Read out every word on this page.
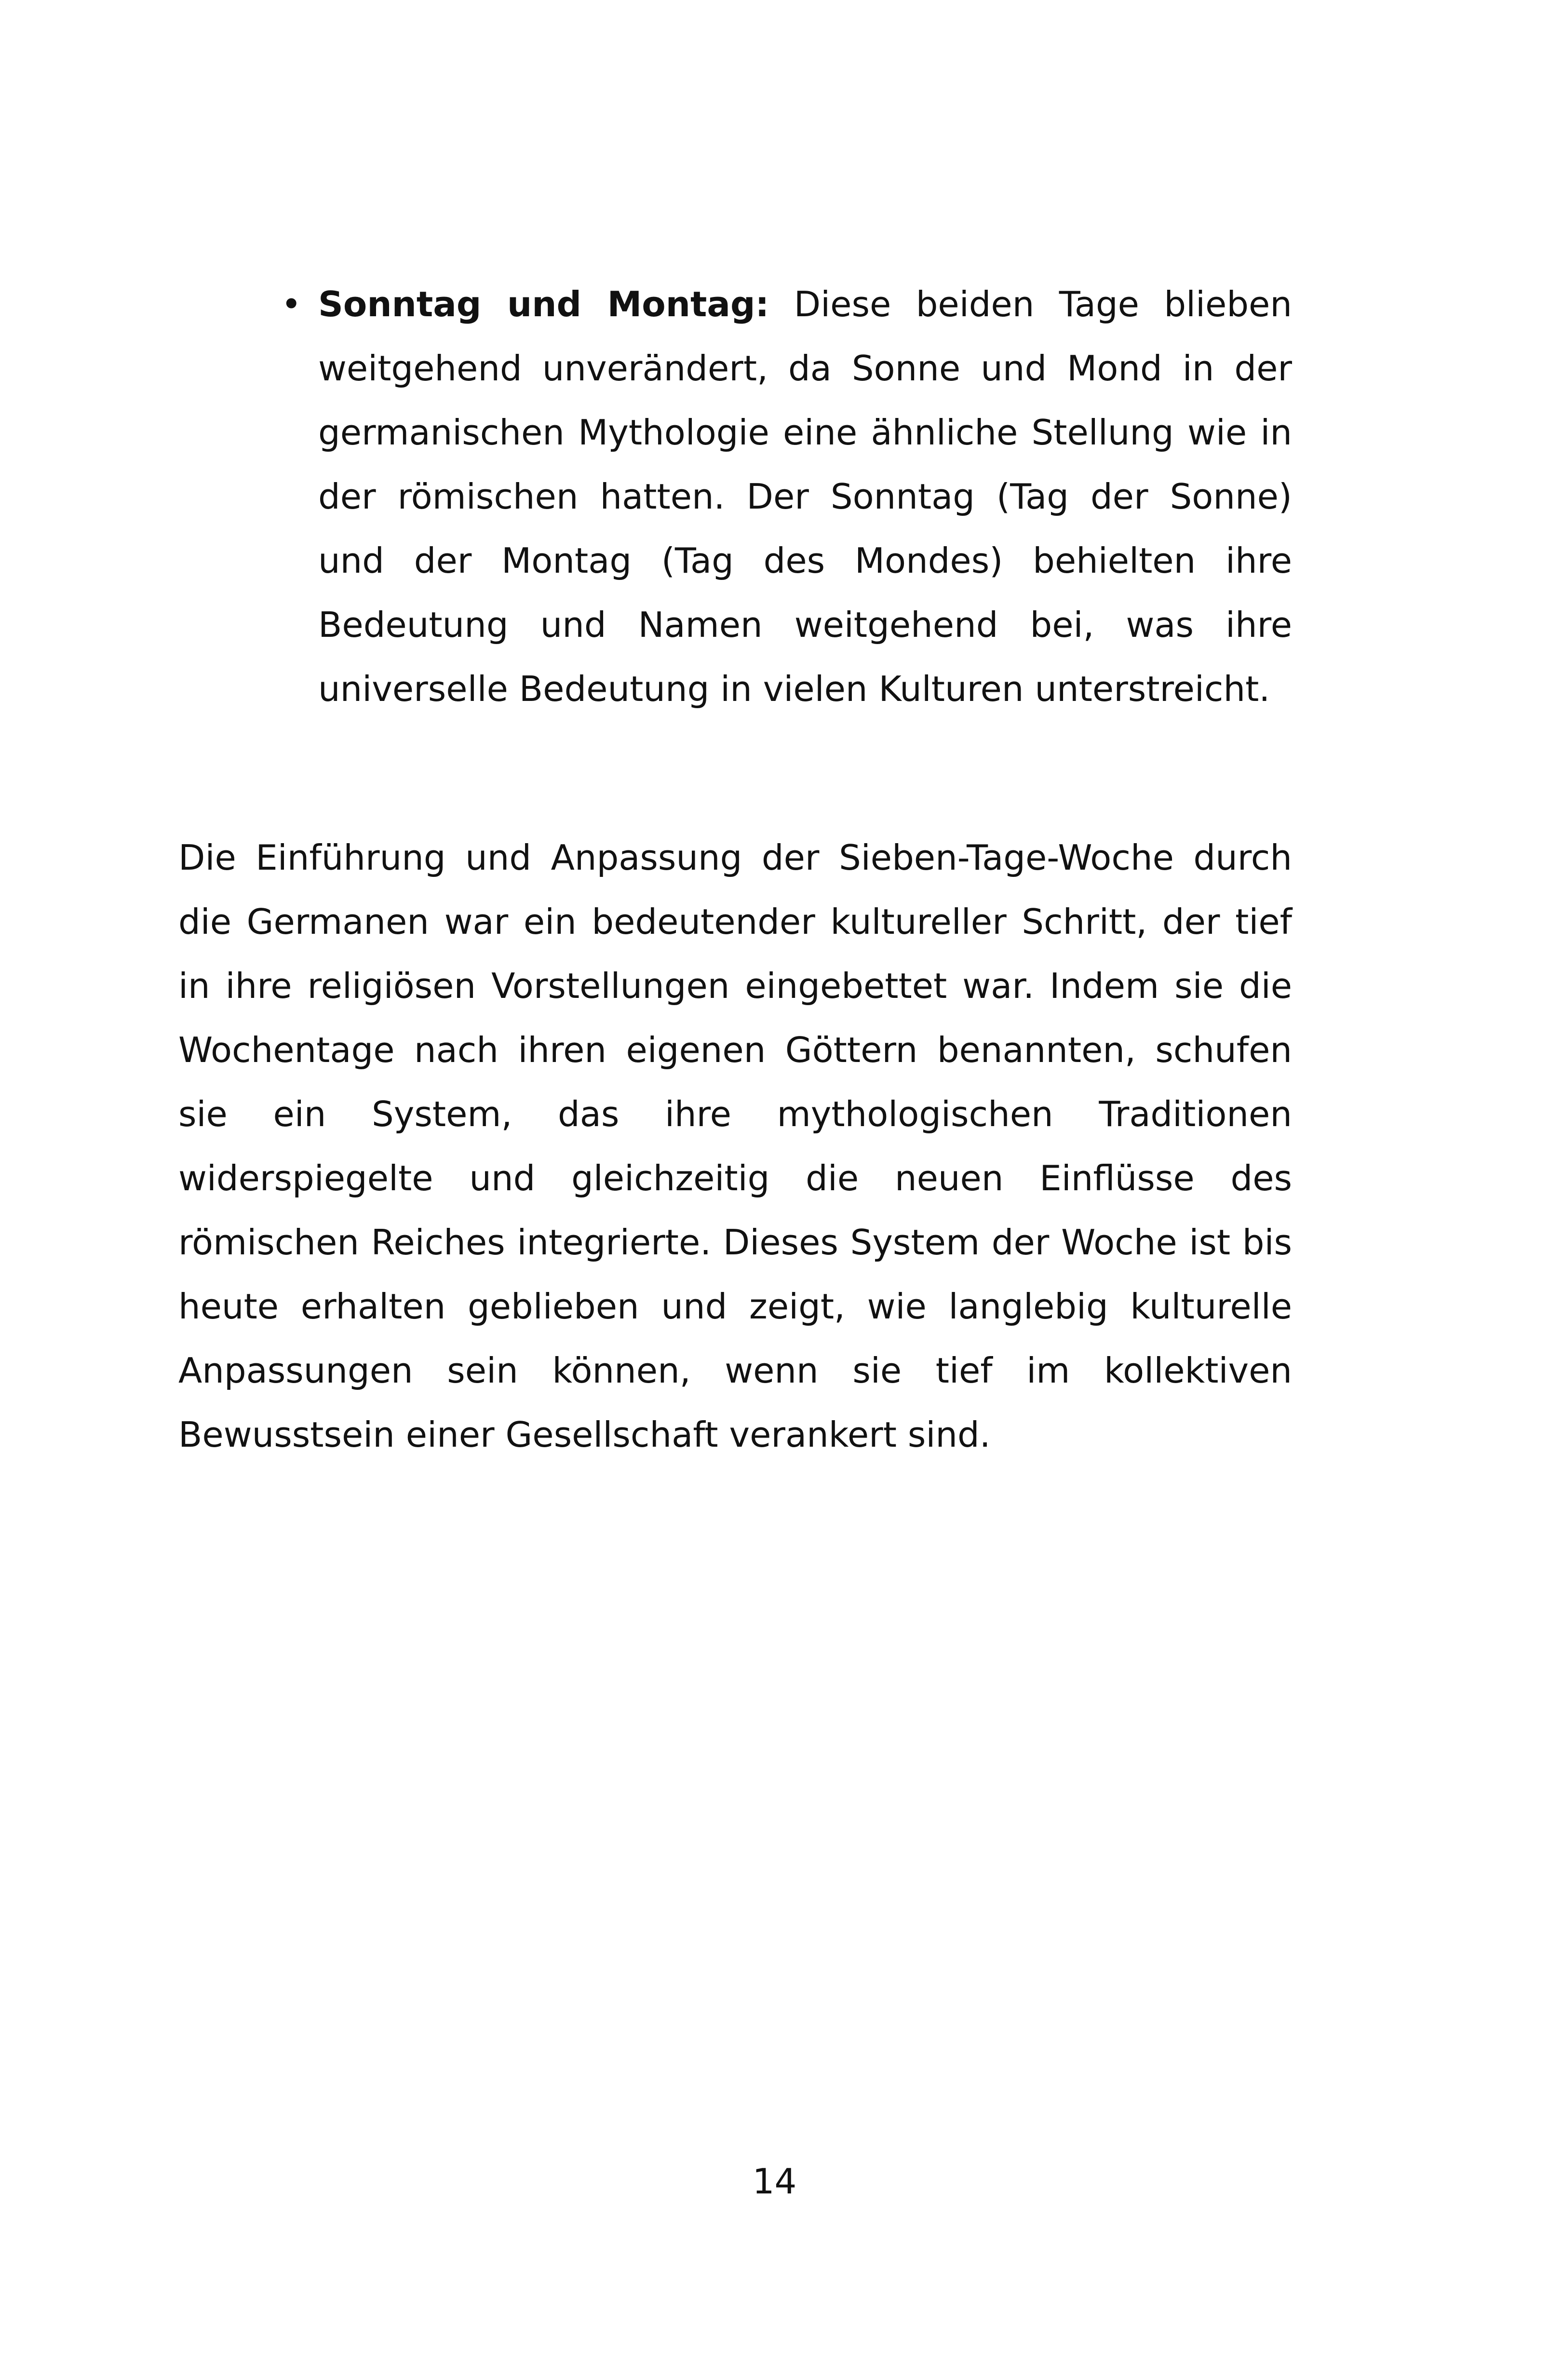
• Sonntag und Montag: Diese beiden Tage blieben weitgehend unverändert, da Sonne und Mond in der germanischen Mythologie eine ähnliche Stellung wie in der römischen hatten. Der Sonntag (Tag der Sonne) und der Montag (Tag des Mondes) behielten ihre Bedeutung und Namen weitgehend bei, was ihre universelle Bedeutung in vielen Kulturen unterstreicht.

Die Einführung und Anpassung der Sieben-Tage-Woche durch die Germanen war ein bedeutender kultureller Schritt, der tief in ihre religiösen Vorstellungen eingebettet war. Indem sie die Wochentage nach ihren eigenen Göttern benannten, schufen sie ein System, das ihre mythologischen Traditionen widerspiegelte und gleichzeitig die neuen Einflüsse des römischen Reiches integrierte. Dieses System der Woche ist bis heute erhalten geblieben und zeigt, wie langlebig kulturelle Anpassungen sein können, wenn sie tief im kollektiven Bewusstsein einer Gesellschaft verankert sind.

14
